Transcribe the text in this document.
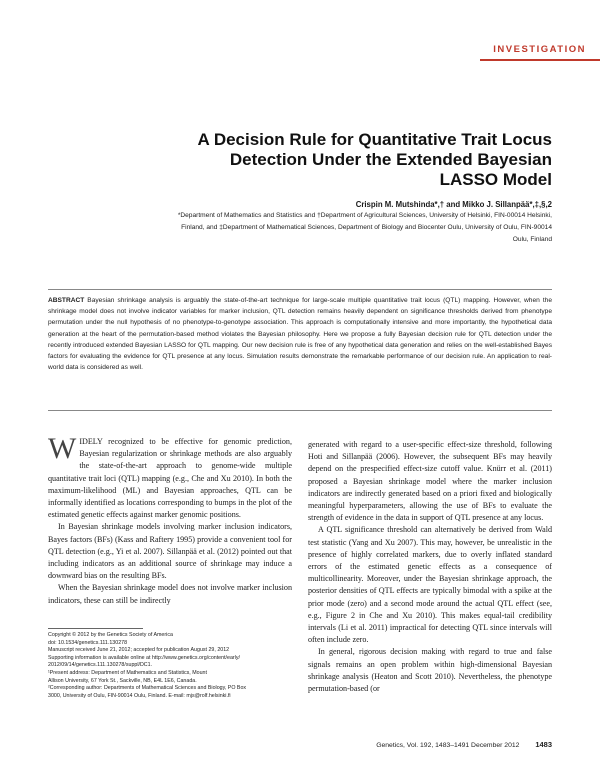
INVESTIGATION
A Decision Rule for Quantitative Trait Locus
Detection Under the Extended Bayesian
LASSO Model
Crispin M. Mutshinda*,† and Mikko J. Sillanpää*,‡,§,2
*Department of Mathematics and Statistics and †Department of Agricultural Sciences, University of Helsinki, FIN-00014 Helsinki,
Finland, and ‡Department of Mathematical Sciences, Department of Biology and Biocenter Oulu, University of Oulu, FIN-90014
Oulu, Finland
ABSTRACT Bayesian shrinkage analysis is arguably the state-of-the-art technique for large-scale multiple quantitative trait locus (QTL) mapping. However, when the shrinkage model does not involve indicator variables for marker inclusion, QTL detection remains heavily dependent on significance thresholds derived from phenotype permutation under the null hypothesis of no phenotype-to-genotype association. This approach is computationally intensive and more importantly, the hypothetical data generation at the heart of the permutation-based method violates the Bayesian philosophy. Here we propose a fully Bayesian decision rule for QTL detection under the recently introduced extended Bayesian LASSO for QTL mapping. Our new decision rule is free of any hypothetical data generation and relies on the well-established Bayes factors for evaluating the evidence for QTL presence at any locus. Simulation results demonstrate the remarkable performance of our decision rule. An application to real-world data is considered as well.

WIDELY recognized to be effective for genomic prediction, Bayesian regularization or shrinkage methods are also arguably the state-of-the-art approach to genome-wide multiple quantitative trait loci (QTL) mapping (e.g., Che and Xu 2010). In both the maximum-likelihood (ML) and Bayesian approaches, QTL can be informally identified as locations corresponding to bumps in the plot of the estimated genetic effects against marker genomic positions.

In Bayesian shrinkage models involving marker inclusion indicators, Bayes factors (BFs) (Kass and Raftery 1995) provide a convenient tool for QTL detection (e.g., Yi et al. 2007). Sillanpää et al. (2012) pointed out that including indicators as an additional source of shrinkage may induce a downward bias on the resulting BFs.

When the Bayesian shrinkage model does not involve marker inclusion indicators, these can still be indirectly

generated with regard to a user-specific effect-size threshold, following Hoti and Sillanpää (2006). However, the subsequent BFs may heavily depend on the prespecified effect-size cutoff value. Knürr et al. (2011) proposed a Bayesian shrinkage model where the marker inclusion indicators are indirectly generated based on a priori fixed and biologically meaningful hyperparameters, allowing the use of BFs to evaluate the strength of evidence in the data in support of QTL presence at any locus.

A QTL significance threshold can alternatively be derived from Wald test statistic (Yang and Xu 2007). This may, however, be unrealistic in the presence of highly correlated markers, due to overly inflated standard errors of the estimated genetic effects as a consequence of multicollinearity. Moreover, under the Bayesian shrinkage approach, the posterior densities of QTL effects are typically bimodal with a spike at the prior mode (zero) and a second mode around the actual QTL effect (see, e.g., Figure 2 in Che and Xu 2010). This makes equal-tail credibility intervals (Li et al. 2011) impractical for detecting QTL since intervals will often include zero.

In general, rigorous decision making with regard to true and false signals remains an open problem within high-dimensional Bayesian shrinkage analysis (Heaton and Scott 2010). Nevertheless, the phenotype permutation-based (or

Copyright © 2012 by the Genetics Society of America
doi: 10.1534/genetics.111.130278
Manuscript received June 21, 2012; accepted for publication August 29, 2012
Supporting information is available online at http://www.genetics.org/content/early/
2012/09/14/genetics.111.130278/suppl/DC1.
¹Present address: Department of Mathematics and Statistics, Mount
Allison University, 67 York St., Sackville, NB, E4L 1E6, Canada.
²Corresponding author: Departments of Mathematical Sciences and Biology, PO Box
3000, University of Oulu, FIN-90014 Oulu, Finland. E-mail: mjs@rolf.helsinki.fi
Genetics, Vol. 192, 1483–1491 December 2012 1483
